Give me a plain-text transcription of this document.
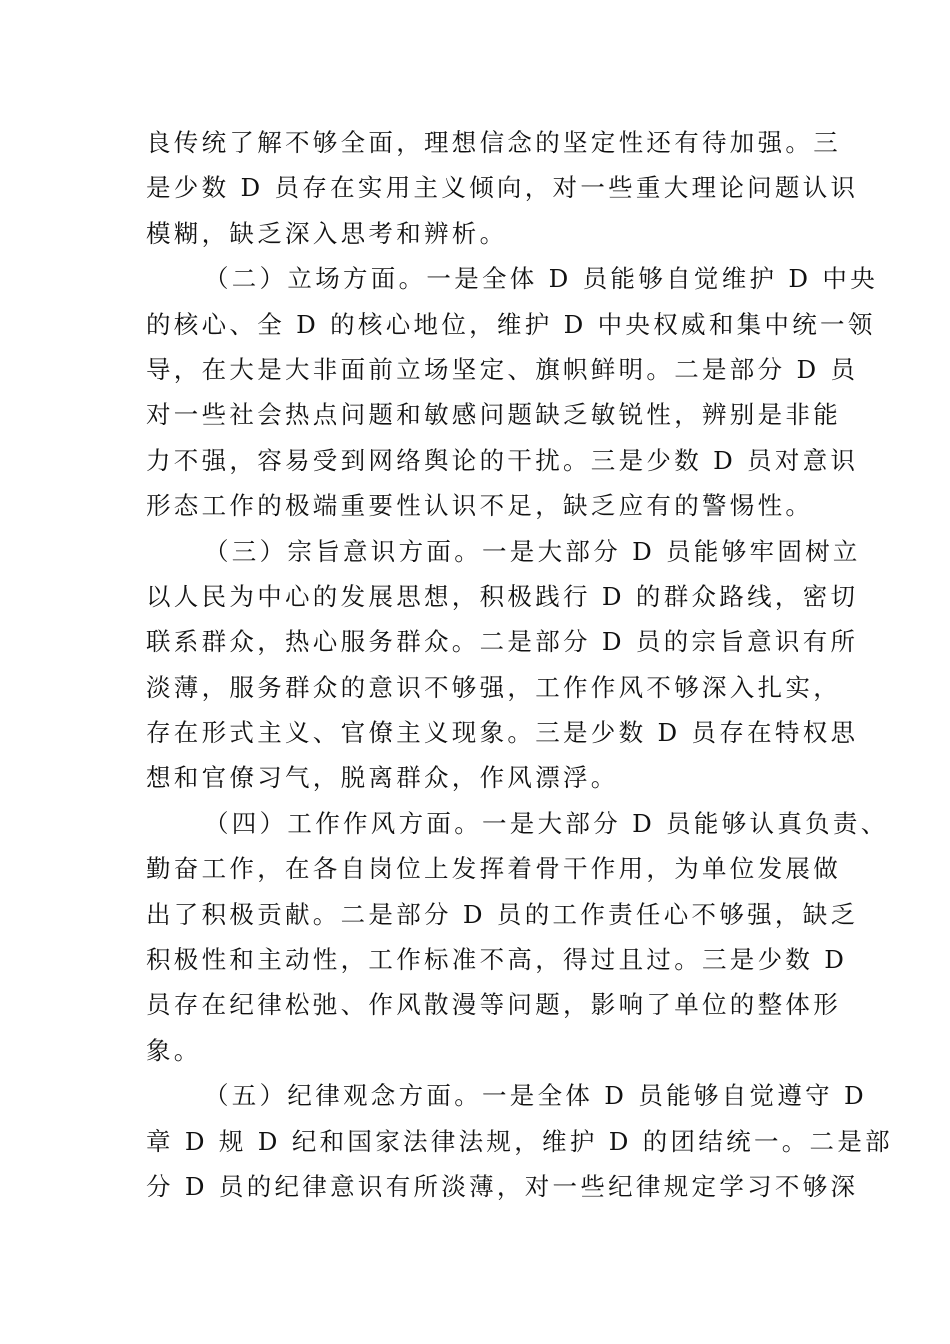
良传统了解不够全面，理想信念的坚定性还有待加强。三
是少数 D 员存在实用主义倾向，对一些重大理论问题认识
模糊，缺乏深入思考和辨析。
（二）立场方面。一是全体 D 员能够自觉维护 D 中央
的核心、全 D 的核心地位，维护 D 中央权威和集中统一领
导，在大是大非面前立场坚定、旗帜鲜明。二是部分 D 员
对一些社会热点问题和敏感问题缺乏敏锐性，辨别是非能
力不强，容易受到网络舆论的干扰。三是少数 D 员对意识
形态工作的极端重要性认识不足，缺乏应有的警惕性。
（三）宗旨意识方面。一是大部分 D 员能够牢固树立
以人民为中心的发展思想，积极践行 D 的群众路线，密切
联系群众，热心服务群众。二是部分 D 员的宗旨意识有所
淡薄，服务群众的意识不够强，工作作风不够深入扎实，
存在形式主义、官僚主义现象。三是少数 D 员存在特权思
想和官僚习气，脱离群众，作风漂浮。
（四）工作作风方面。一是大部分 D 员能够认真负责、
勤奋工作，在各自岗位上发挥着骨干作用，为单位发展做
出了积极贡献。二是部分 D 员的工作责任心不够强，缺乏
积极性和主动性，工作标准不高，得过且过。三是少数 D
员存在纪律松弛、作风散漫等问题，影响了单位的整体形
象。
（五）纪律观念方面。一是全体 D 员能够自觉遵守 D
章 D 规 D 纪和国家法律法规，维护 D 的团结统一。二是部
分 D 员的纪律意识有所淡薄，对一些纪律规定学习不够深
